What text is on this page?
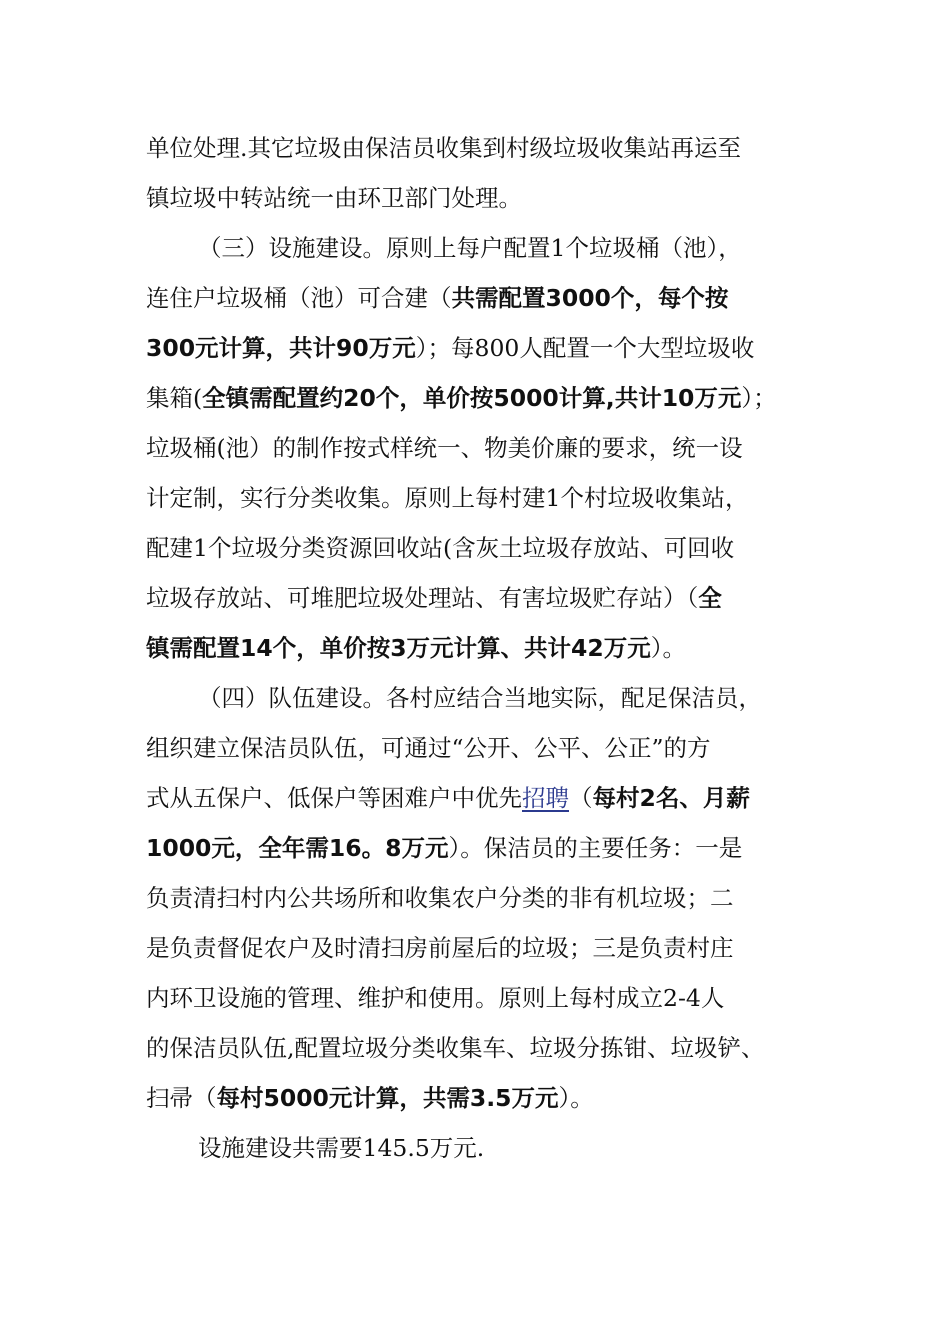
单位处理.其它垃圾由保洁员收集到村级垃圾收集站再运至
镇垃圾中转站统一由环卫部门处理。
（三）设施建设。原则上每户配置1个垃圾桶（池），
连住户垃圾桶（池）可合建（共需配置3000个，每个按
300元计算，共计90万元）；每800人配置一个大型垃圾收
集箱(全镇需配置约20个，单价按5000计算,共计10万元）；
垃圾桶(池）的制作按式样统一、物美价廉的要求，统一设
计定制，实行分类收集。原则上每村建1个村垃圾收集站，
配建1个垃圾分类资源回收站(含灰土垃圾存放站、可回收
垃圾存放站、可堆肥垃圾处理站、有害垃圾贮存站）（全
镇需配置14个，单价按3万元计算、共计42万元）。
（四）队伍建设。各村应结合当地实际，配足保洁员，
组织建立保洁员队伍，可通过“公开、公平、公正”的方
式从五保户、低保户等困难户中优先招聘（每村2名、月薪
1000元，全年需16。8万元）。保洁员的主要任务：一是
负责清扫村内公共场所和收集农户分类的非有机垃圾；二
是负责督促农户及时清扫房前屋后的垃圾；三是负责村庄
内环卫设施的管理、维护和使用。原则上每村成立2-4人
的保洁员队伍,配置垃圾分类收集车、垃圾分拣钳、垃圾铲、
扫帚（每村5000元计算，共需3.5万元）。
设施建设共需要145.5万元.
